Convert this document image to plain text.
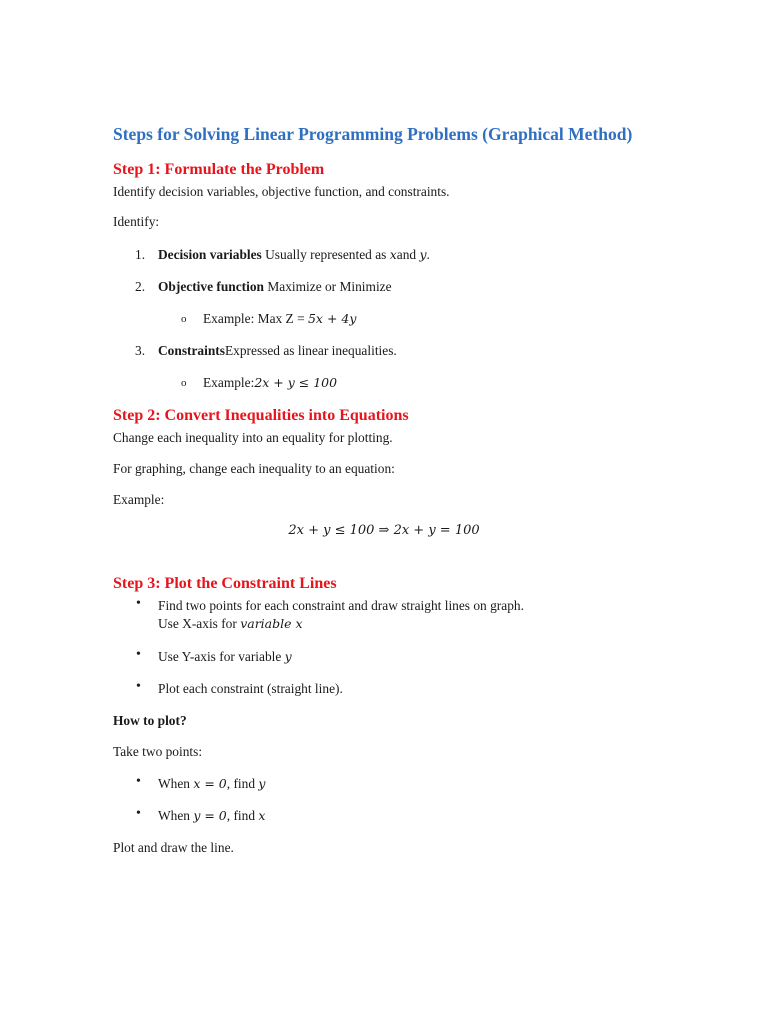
Steps for Solving Linear Programming Problems (Graphical Method)
Step 1: Formulate the Problem
Identify decision variables, objective function, and constraints.
Identify:
1. Decision variables Usually represented as xand y.
2. Objective function Maximize or Minimize
o Example: Max Z = 5x + 4y
3. ConstraintsExpressed as linear inequalities.
o Example:2x + y ≤ 100
Step 2: Convert Inequalities into Equations
Change each inequality into an equality for plotting.
For graphing, change each inequality to an equation:
Example:
2x + y ≤ 100 ⇒ 2x + y = 100
Step 3: Plot the Constraint Lines
• Find two points for each constraint and draw straight lines on graph.
Use X-axis for variable x
• Use Y-axis for variable y
• Plot each constraint (straight line).
How to plot?
Take two points:
• When x = 0, find y
• When y = 0, find x
Plot and draw the line.
